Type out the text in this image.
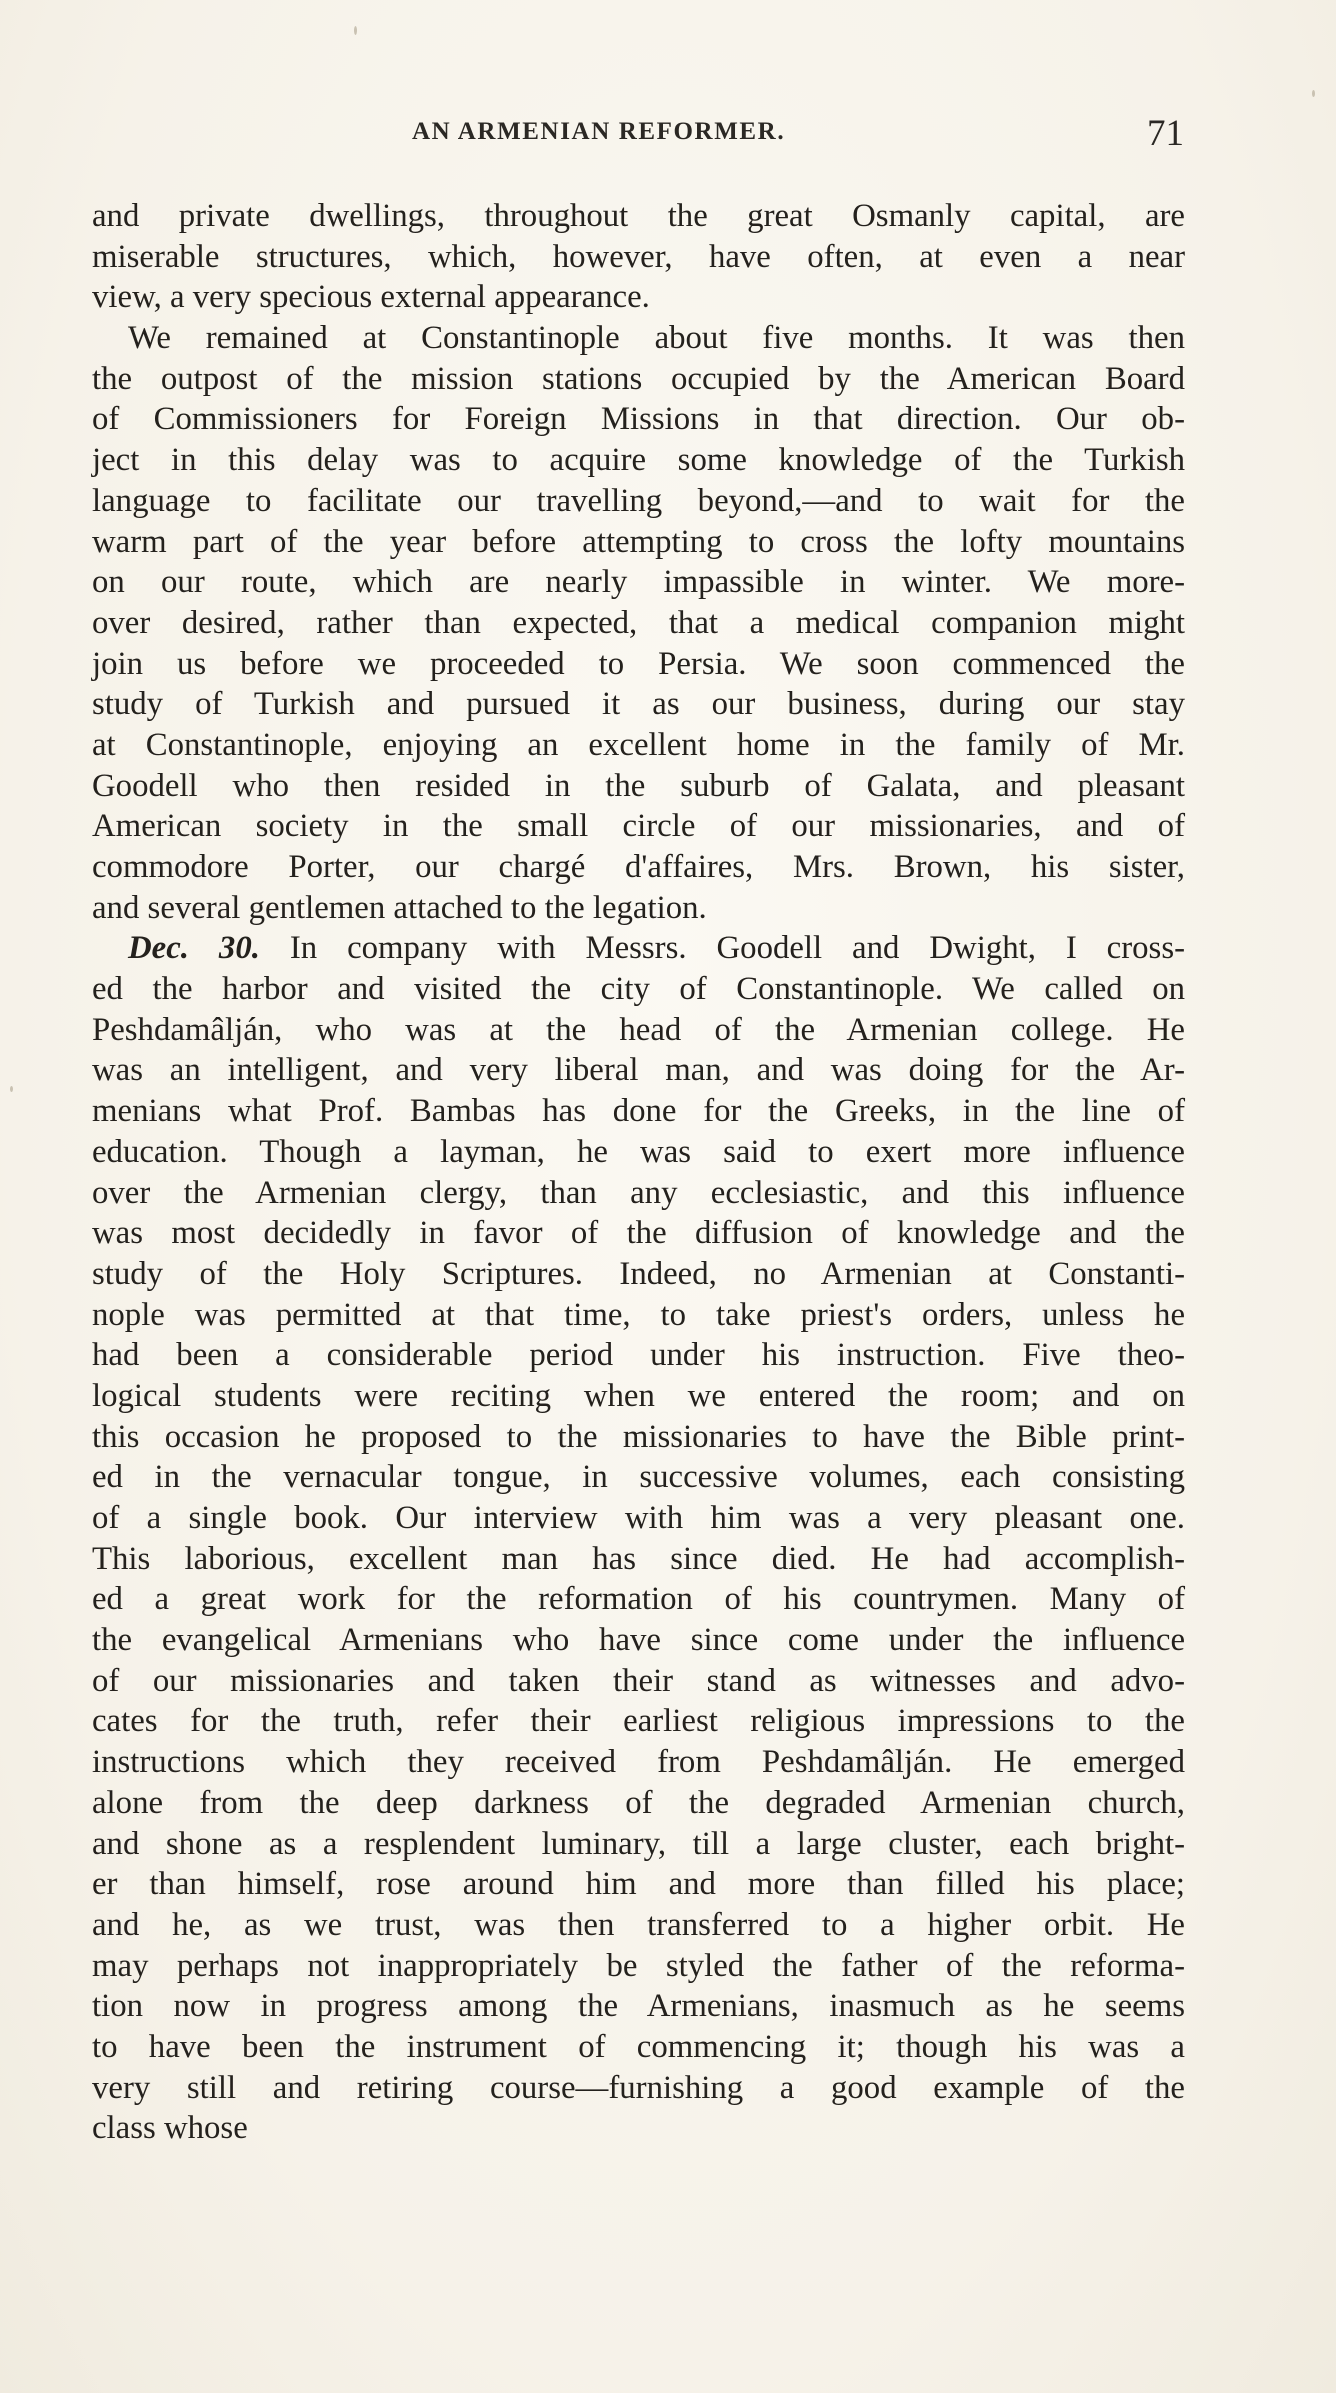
AN ARMENIAN REFORMER.	71
and private dwellings, throughout the great Osmanly capital, are
miserable structures, which, however, have often, at even a near
view, a very specious external appearance.
We remained at Constantinople about five months. It was then
the outpost of the mission stations occupied by the American Board
of Commissioners for Foreign Missions in that direction. Our ob-
ject in this delay was to acquire some knowledge of the Turkish
language to facilitate our travelling beyond,—and to wait for the
warm part of the year before attempting to cross the lofty mountains
on our route, which are nearly impassible in winter. We more-
over desired, rather than expected, that a medical companion might
join us before we proceeded to Persia. We soon commenced the
study of Turkish and pursued it as our business, during our stay
at Constantinople, enjoying an excellent home in the family of Mr.
Goodell who then resided in the suburb of Galata, and pleasant
American society in the small circle of our missionaries, and of
commodore Porter, our chargé d'affaires, Mrs. Brown, his sister,
and several gentlemen attached to the legation.
Dec. 30. In company with Messrs. Goodell and Dwight, I cross-
ed the harbor and visited the city of Constantinople. We called on
Peshdamâlján, who was at the head of the Armenian college. He
was an intelligent, and very liberal man, and was doing for the Ar-
menians what Prof. Bambas has done for the Greeks, in the line of
education. Though a layman, he was said to exert more influence
over the Armenian clergy, than any ecclesiastic, and this influence
was most decidedly in favor of the diffusion of knowledge and the
study of the Holy Scriptures. Indeed, no Armenian at Constanti-
nople was permitted at that time, to take priest's orders, unless he
had been a considerable period under his instruction. Five theo-
logical students were reciting when we entered the room; and on
this occasion he proposed to the missionaries to have the Bible print-
ed in the vernacular tongue, in successive volumes, each consisting
of a single book. Our interview with him was a very pleasant one.
This laborious, excellent man has since died. He had accomplish-
ed a great work for the reformation of his countrymen. Many of
the evangelical Armenians who have since come under the influence
of our missionaries and taken their stand as witnesses and advo-
cates for the truth, refer their earliest religious impressions to the
instructions which they received from Peshdamâlján. He emerged
alone from the deep darkness of the degraded Armenian church,
and shone as a resplendent luminary, till a large cluster, each bright-
er than himself, rose around him and more than filled his place;
and he, as we trust, was then transferred to a higher orbit. He
may perhaps not inappropriately be styled the father of the reforma-
tion now in progress among the Armenians, inasmuch as he seems
to have been the instrument of commencing it; though his was a
very still and retiring course—furnishing a good example of the
class whose
